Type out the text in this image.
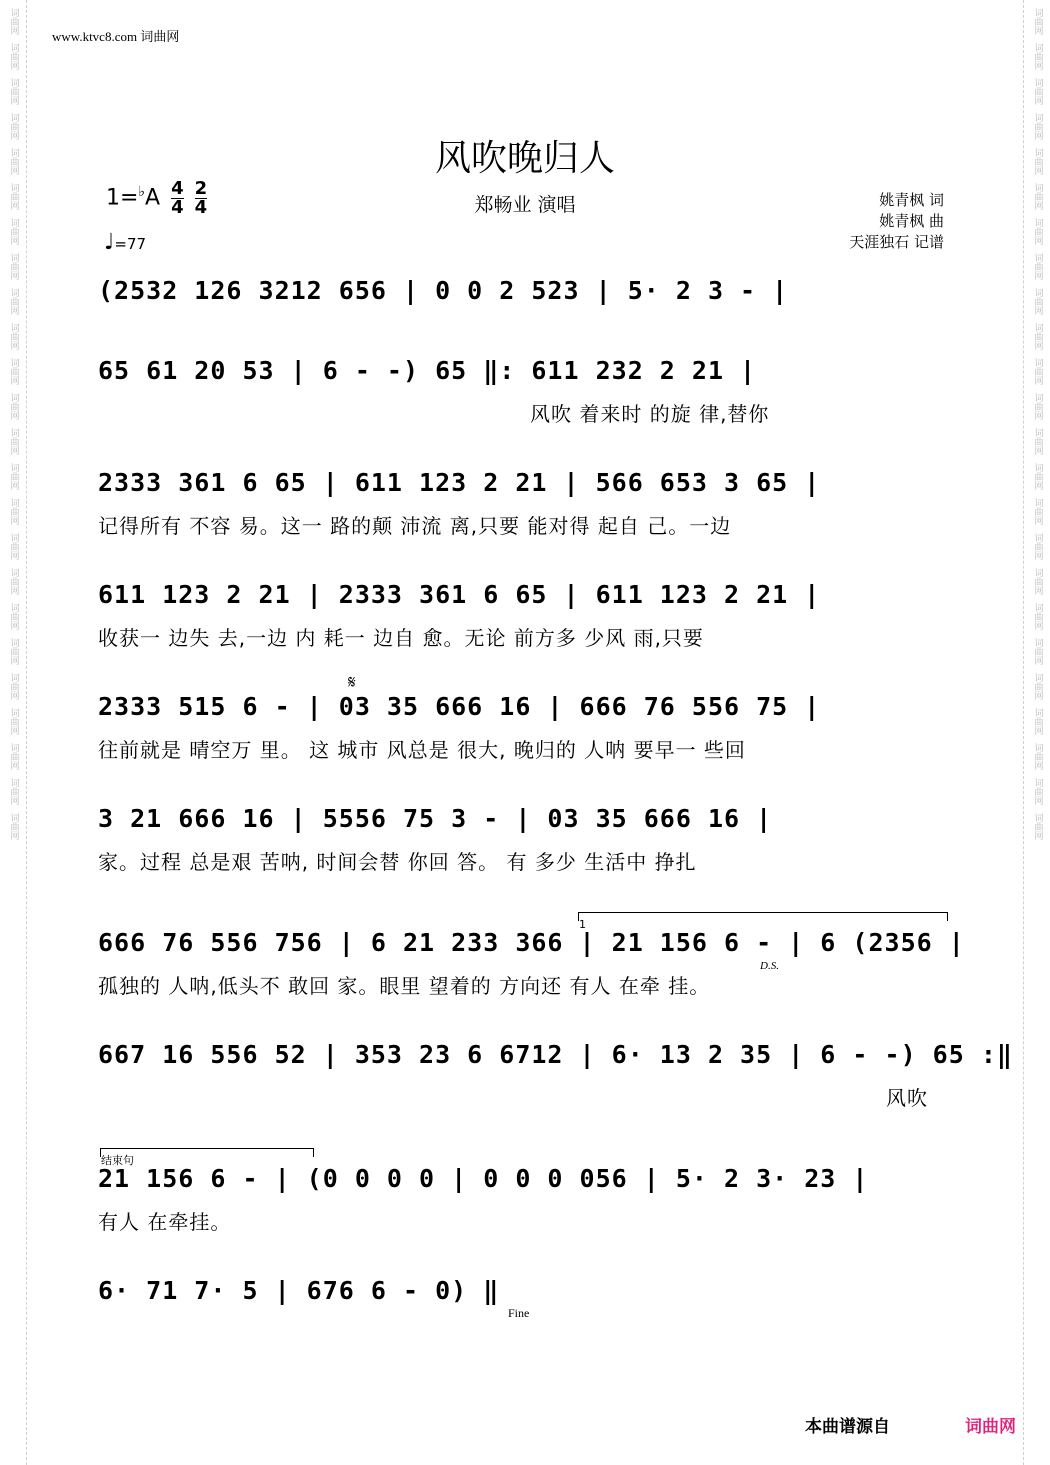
词曲网
词曲网
词曲网
词曲网
词曲网
词曲网
词曲网
词曲网
词曲网
词曲网
词曲网
词曲网
词曲网
词曲网
词曲网
词曲网
词曲网
词曲网
词曲网
词曲网
词曲网
词曲网
词曲网
词曲网
词曲网
词曲网
词曲网
词曲网
词曲网
词曲网
词曲网
词曲网
词曲网
词曲网
词曲网
词曲网
词曲网
词曲网
词曲网
词曲网
词曲网
词曲网
词曲网
词曲网
词曲网
词曲网
词曲网
词曲网
www.ktvc8.com 词曲网
风吹晚归人
郑畅业 演唱
$1=^♭A \frac{4}{4} \frac{2}{4}$
♩=77
姚青枫 词
姚青枫 曲
天涯独石 记谱
(2532 126 3212 656 | 0 0 2 523 | 5· 2 3 - |
65 61 20 53 | 6 - -) 65 ‖: 611 232 2 21 |
风吹 着来时 的旋 律,替你
2333 361 6 65 | 611 123 2 21 | 566 653 3 65 |
记得所有 不容 易。这一 路的颠 沛流 离,只要 能对得 起自 己。一边
611 123 2 21 | 2333 361 6 65 | 611 123 2 21 |
收获一 边失 去,一边 内 耗一 边自 愈。无论 前方多 少风 雨,只要
𝄋
2333 515 6 - | 03 35 666 16 | 666 76 556 75 |
往前就是 晴空万 里。 这 城市 风总是 很大, 晚归的 人呐 要早一 些回
3 21 666 16 | 5556 75 3 - | 03 35 666 16 |
家。过程 总是艰 苦呐, 时间会替 你回 答。 有 多少 生活中 挣扎
1
666 76 556 756 | 6 21 233 366 | 21 156 6 - | 6 (2356 |
D.S.
孤独的 人呐,低头不 敢回 家。眼里 望着的 方向还 有人 在牵 挂。
667 16 556 52 | 353 23 6 6712 | 6· 13 2 35 | 6 - -) 65 :‖
风吹
结束句
21 156 6 - | (0 0 0 0 | 0 0 0 056 | 5· 2 3· 23 |
有人 在牵挂。
6· 71 7· 5 | 676 6 - 0) ‖
Fine
本曲谱源自	词曲网
